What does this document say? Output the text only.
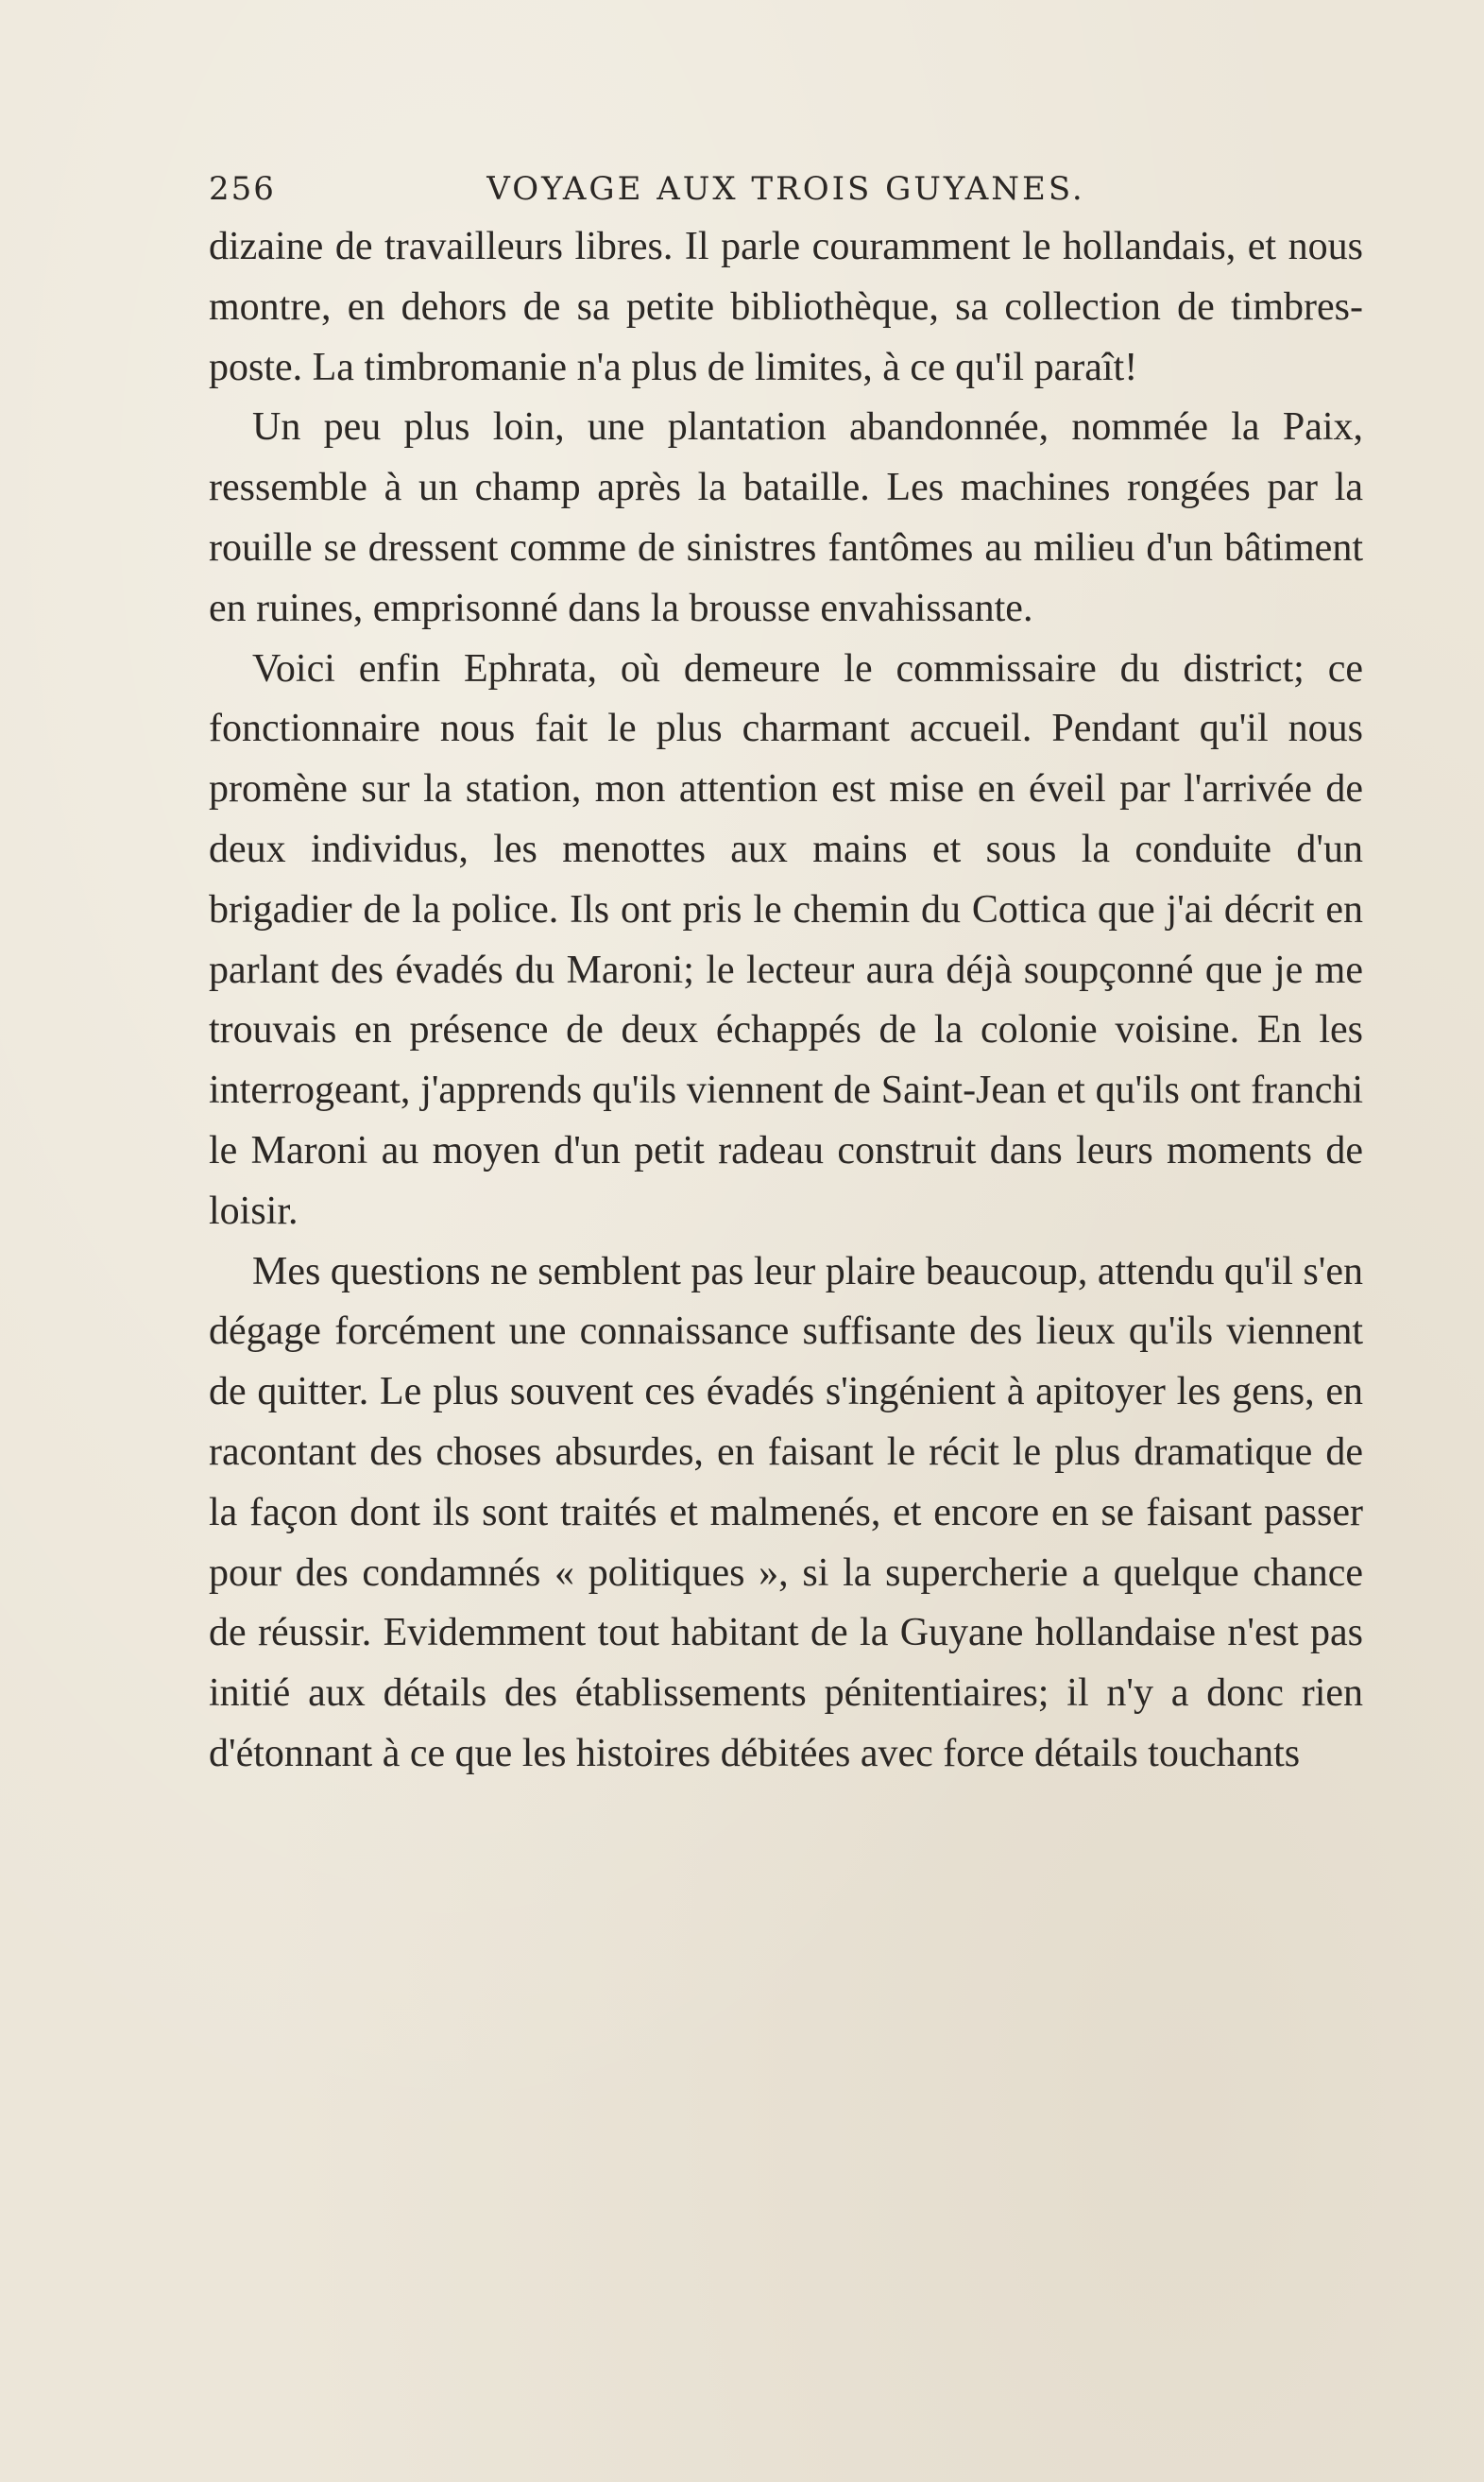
256	VOYAGE AUX TROIS GUYANES.

dizaine de travailleurs libres. Il parle couramment le hollandais, et nous montre, en dehors de sa petite bibliothèque, sa collection de timbres-poste. La timbromanie n'a plus de limites, à ce qu'il paraît!

Un peu plus loin, une plantation abandonnée, nommée la Paix, ressemble à un champ après la bataille. Les machines rongées par la rouille se dressent comme de sinistres fantômes au milieu d'un bâtiment en ruines, emprisonné dans la brousse envahissante.

Voici enfin Ephrata, où demeure le commissaire du district; ce fonctionnaire nous fait le plus charmant accueil. Pendant qu'il nous promène sur la station, mon attention est mise en éveil par l'arrivée de deux individus, les menottes aux mains et sous la conduite d'un brigadier de la police. Ils ont pris le chemin du Cottica que j'ai décrit en parlant des évadés du Maroni; le lecteur aura déjà soupçonné que je me trouvais en présence de deux échappés de la colonie voisine. En les interrogeant, j'apprends qu'ils viennent de Saint-Jean et qu'ils ont franchi le Maroni au moyen d'un petit radeau construit dans leurs moments de loisir.

Mes questions ne semblent pas leur plaire beaucoup, attendu qu'il s'en dégage forcément une connaissance suffisante des lieux qu'ils viennent de quitter. Le plus souvent ces évadés s'ingénient à apitoyer les gens, en racontant des choses absurdes, en faisant le récit le plus dramatique de la façon dont ils sont traités et malmenés, et encore en se faisant passer pour des condamnés « politiques », si la supercherie a quelque chance de réussir. Evidemment tout habitant de la Guyane hollandaise n'est pas initié aux détails des établissements pénitentiaires; il n'y a donc rien d'étonnant à ce que les histoires débitées avec force détails touchants
